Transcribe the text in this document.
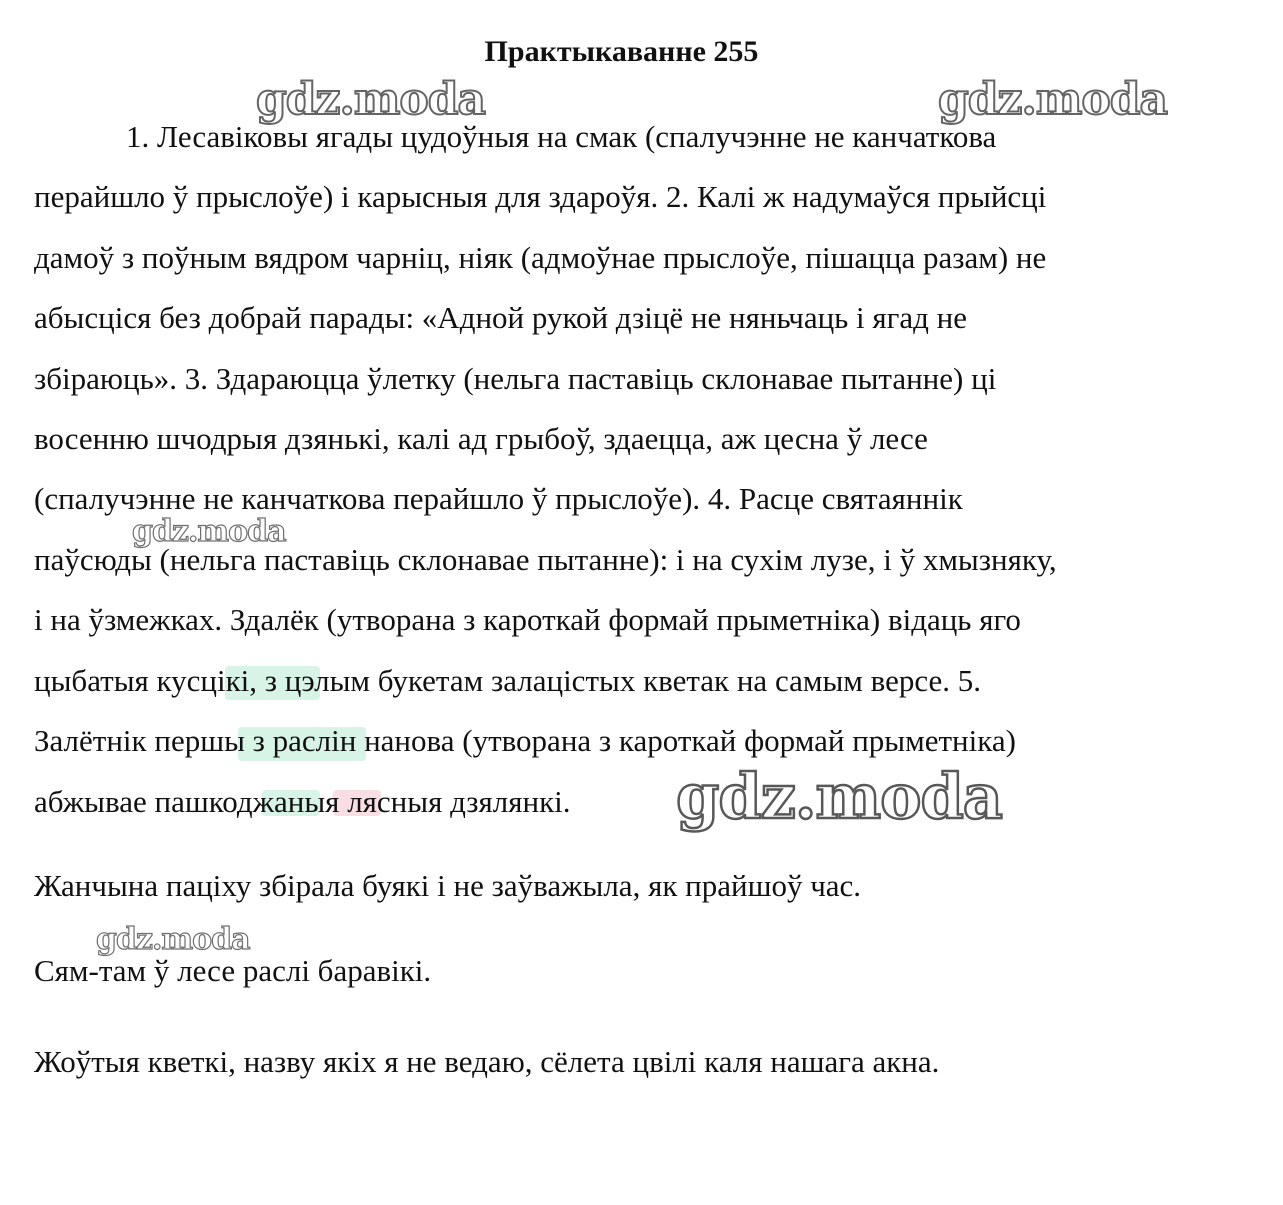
Практыкаванне 255
1. Лесавіковы ягады цудоўныя на смак (спалучэнне не канчаткова
перайшло ў прыслоўе) і карысныя для здароўя. 2. Калі ж надумаўся прыйсці
дамоў з поўным вядром чарніц, ніяк (адмоўнае прыслоўе, пішацца разам) не
абысціся без добрай парады: «Адной рукой дзіцё не няньчаць і ягад не
збіраюць». 3. Здараюцца ўлетку (нельга паставіць склонавае пытанне) ці
восенню шчодрыя дзянькі, калі ад грыбоў, здаецца, аж цесна ў лесе
(спалучэнне не канчаткова перайшло ў прыслоўе). 4. Расце святаяннік
паўсюды (нельга паставіць склонавае пытанне): і на сухім лузе, і ў хмызняку,
і на ўзмежках. Здалёк (утворана з кароткай формай прыметніка) відаць яго
цыбатыя кусцікі, з цэлым букетам залацістых кветак на самым версе. 5.
Залётнік першы з раслін нанова (утворана з кароткай формай прыметніка)
абжывае пашкоджаныя лясныя дзялянкі.
Жанчына паціху збірала буякі і не заўважыла, як прайшоў час.
Сям-там ў лесе раслі баравікі.
Жоўтыя кветкі, назву якіх я не ведаю, сёлета цвілі каля нашага акна.
gdz.moda	gdz.moda
gdz.moda
gdz.moda
gdz.moda
